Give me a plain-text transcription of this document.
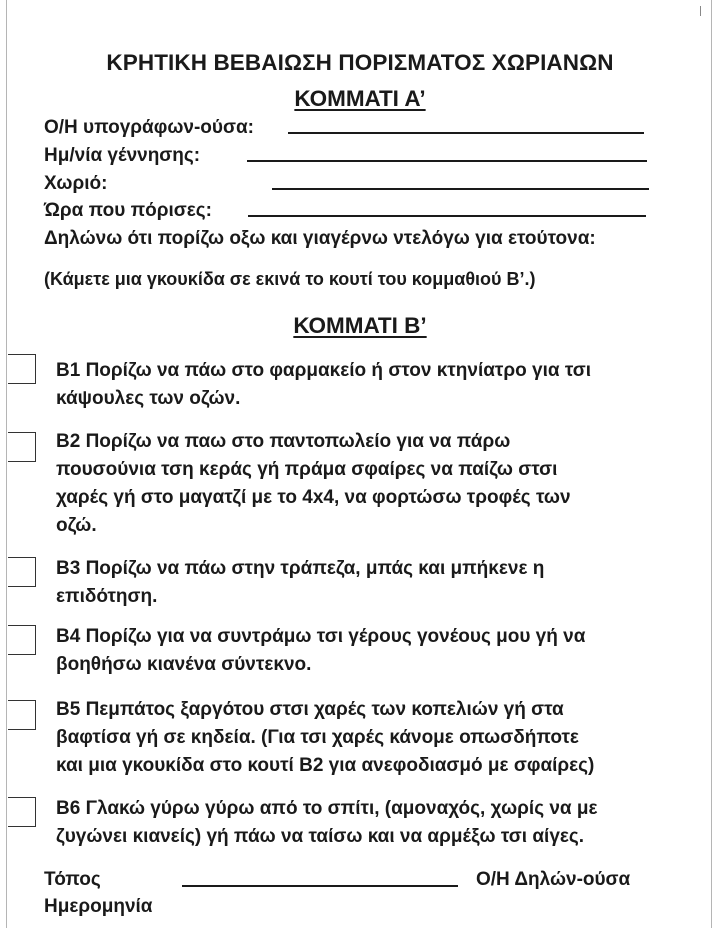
ΚΡΗΤΙΚΗ ΒΕΒΑΙΩΣΗ ΠΟΡΙΣΜΑΤΟΣ ΧΩΡΙΑΝΩΝ
ΚΟΜΜΑΤΙ Α’
Ο/Η υπογράφων-ούσα:
Ημ/νία γέννησης:
Χωριό:
Ώρα που πόρισες:
Δηλώνω ότι πορίζω οξω και γιαγέρνω ντελόγω για ετούτονα:
(Κάμετε μια γκουκίδα σε εκινά το κουτί του κομμαθιού Β’.)
ΚΟΜΜΑΤΙ Β’
Β1 Πορίζω να πάω στο φαρμακείο ή στον κτηνίατρο για τσι
κάψουλες των οζών.
Β2 Πορίζω να παω στο παντοπωλείο για να πάρω
πουσούνια τση κεράς γή πράμα σφαίρες να παίζω στσι
χαρές γή στο μαγατζί με το 4x4, να φορτώσω τροφές των
οζώ.
Β3 Πορίζω να πάω στην τράπεζα, μπάς και μπήκενε η
επιδότηση.
Β4 Πορίζω για να συντράμω τσι γέρους γονέους μου γή να
βοηθήσω κιανένα σύντεκνο.
Β5 Πεμπάτος ξαργότου στσι χαρές των κοπελιών γή στα
βαφτίσα γή σε κηδεία. (Για τσι χαρές κάνομε οπωσδήποτε
και μια γκουκίδα στο κουτί Β2 για ανεφοδιασμό με σφαίρες)
Β6 Γλακώ γύρω γύρω από το σπίτι, (αμοναχός, χωρίς να με
ζυγώνει κιανείς) γή πάω να ταίσω και να αρμέξω τσι αίγες.
Τόπος	Ο/Η Δηλών-ούσα
Ημερομηνία
